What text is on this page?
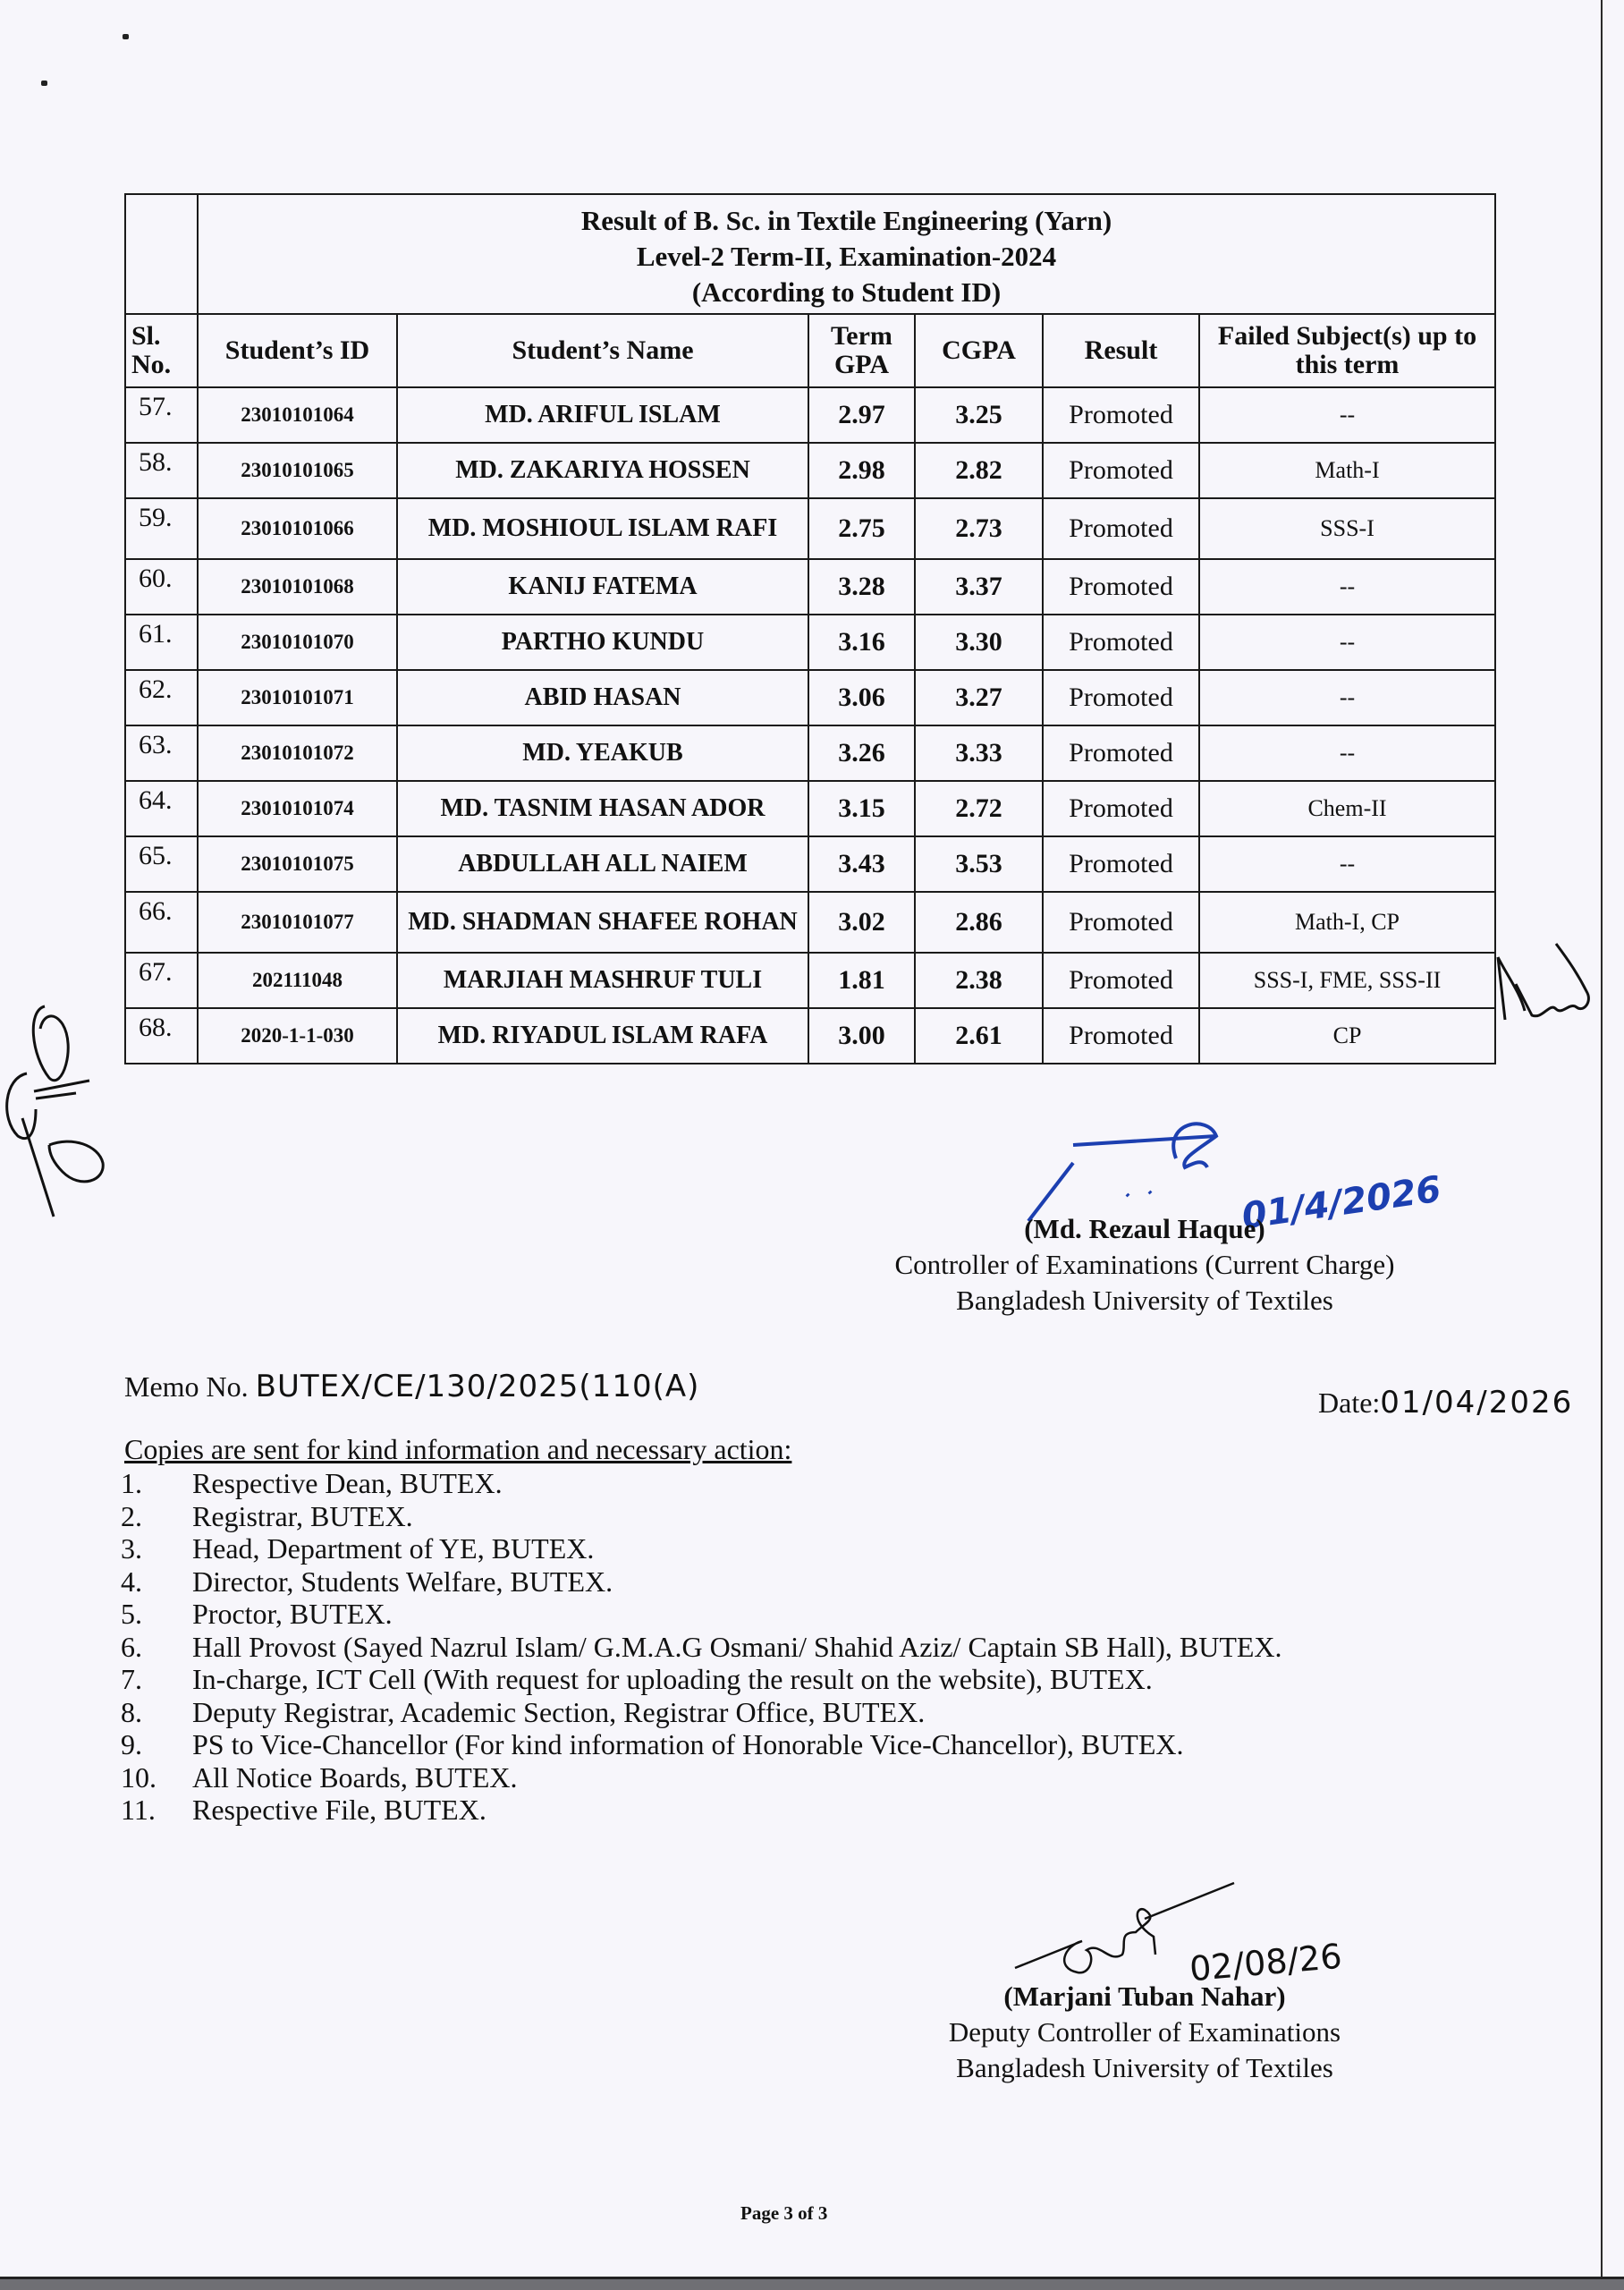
	Result of B. Sc. in Textile Engineering (Yarn)
Level-2 Term-II, Examination-2024
(According to Student ID)					

Sl. No.	Student’s ID	Student’s Name	Term GPA	CGPA	Result	Failed Subject(s) up to this term
57.	23010101064	MD. ARIFUL ISLAM	2.97	3.25	Promoted	--
58.	23010101065	MD. ZAKARIYA HOSSEN	2.98	2.82	Promoted	Math-I
59.	23010101066	MD. MOSHIOUL ISLAM RAFI	2.75	2.73	Promoted	SSS-I
60.	23010101068	KANIJ FATEMA	3.28	3.37	Promoted	--
61.	23010101070	PARTHO KUNDU	3.16	3.30	Promoted	--
62.	23010101071	ABID HASAN	3.06	3.27	Promoted	--
63.	23010101072	MD. YEAKUB	3.26	3.33	Promoted	--
64.	23010101074	MD. TASNIM HASAN ADOR	3.15	2.72	Promoted	Chem-II
65.	23010101075	ABDULLAH ALL NAIEM	3.43	3.53	Promoted	--
66.	23010101077	MD. SHADMAN SHAFEE ROHAN	3.02	2.86	Promoted	Math-I, CP
67.	202111048	MARJIAH MASHRUF TULI	1.81	2.38	Promoted	SSS-I, FME, SSS-II
68.	2020-1-1-030	MD. RIYADUL ISLAM RAFA	3.00	2.61	Promoted	CP
01/4/2026
(Md. Rezaul Haque)
Controller of Examinations (Current Charge)
Bangladesh University of Textiles
Memo No. BUTEX/CE/130/2025(110(A)	Date:01/04/2026
Copies are sent for kind information and necessary action:
1.	Respective Dean, BUTEX.
2.	Registrar, BUTEX.
3.	Head, Department of YE, BUTEX.
4.	Director, Students Welfare, BUTEX.
5.	Proctor, BUTEX.
6.	Hall Provost (Sayed Nazrul Islam/ G.M.A.G Osmani/ Shahid Aziz/ Captain SB Hall), BUTEX.
7.	In-charge, ICT Cell (With request for uploading the result on the website), BUTEX.
8.	Deputy Registrar, Academic Section, Registrar Office, BUTEX.
9.	PS to Vice-Chancellor (For kind information of Honorable Vice-Chancellor), BUTEX.
10.	All Notice Boards, BUTEX.
11.	Respective File, BUTEX.
02/08/26
(Marjani Tuban Nahar)
Deputy Controller of Examinations
Bangladesh University of Textiles
Page 3 of 3
